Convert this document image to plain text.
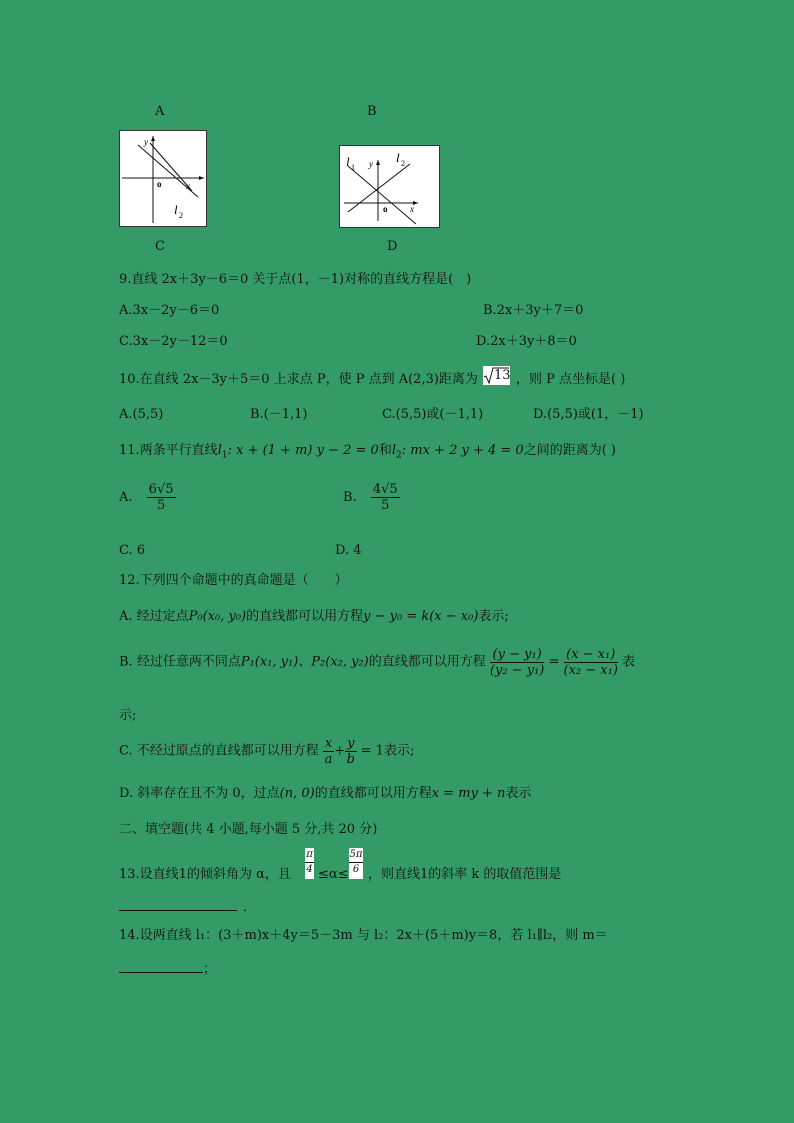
A	B
C	D
y
o	x
l 2
l 1 y l 2
o	x
9.直线 2x＋3y－6＝0 关于点(1，－1)对称的直线方程是(　)
A.3x－2y－6＝0	B.2x＋3y＋7＝0
C.3x－2y－12＝0	D.2x＋3y＋8＝0
10.在直线 2x－3y＋5＝0 上求点 P，使 P 点到 A(2,3)距离为 13 ，则 P 点坐标是( )
A.(5,5)	B.(－1,1)	C.(5,5)或(－1,1)	D.(5,5)或(1，－1)
11.两条平行直线$l_1$: x + (1 + m) y − 2 = 0和$l_2$: mx + 2 y + 4 = 0之间的距离为( )
A. $\frac{6√5}{5}$	B. $\frac{4√5}{5}$
C. 6	D. 4
12.下列四个命题中的真命题是（　　）
A. 经过定点P₀(x₀, y₀)的直线都可以用方程y − y₀ = k(x − x₀)表示;
B. 经过任意两不同点P₁(x₁, y₁)、P₂(x₂, y₂)的直线都可以用方程 $\frac{\text{(y − y₁)}}{\text{(y₂ − y₁)}} = \frac{\text{(x − x₁)}}{\text{(x₂ − x₁)}}$ 表
示;
C. 不经过原点的直线都可以用方程 $\frac{x}{a} + \frac{y}{b} = 1$表示;
D. 斜率存在且不为 0，过点(n, 0)的直线都可以用方程x = my + n表示
二、填空题(共 4 小题,每小题 5 分,共 20 分)
13.设直线1的倾斜角为 α，且
π
4 ≤α≤
5π
6 ，则直线1的斜率 k 的取值范围是
．
14.设两直线 l₁：(3＋m)x＋4y＝5－3m 与 l₂：2x＋(5＋m)y＝8，若 l₁∥l₂，则 m＝
；
